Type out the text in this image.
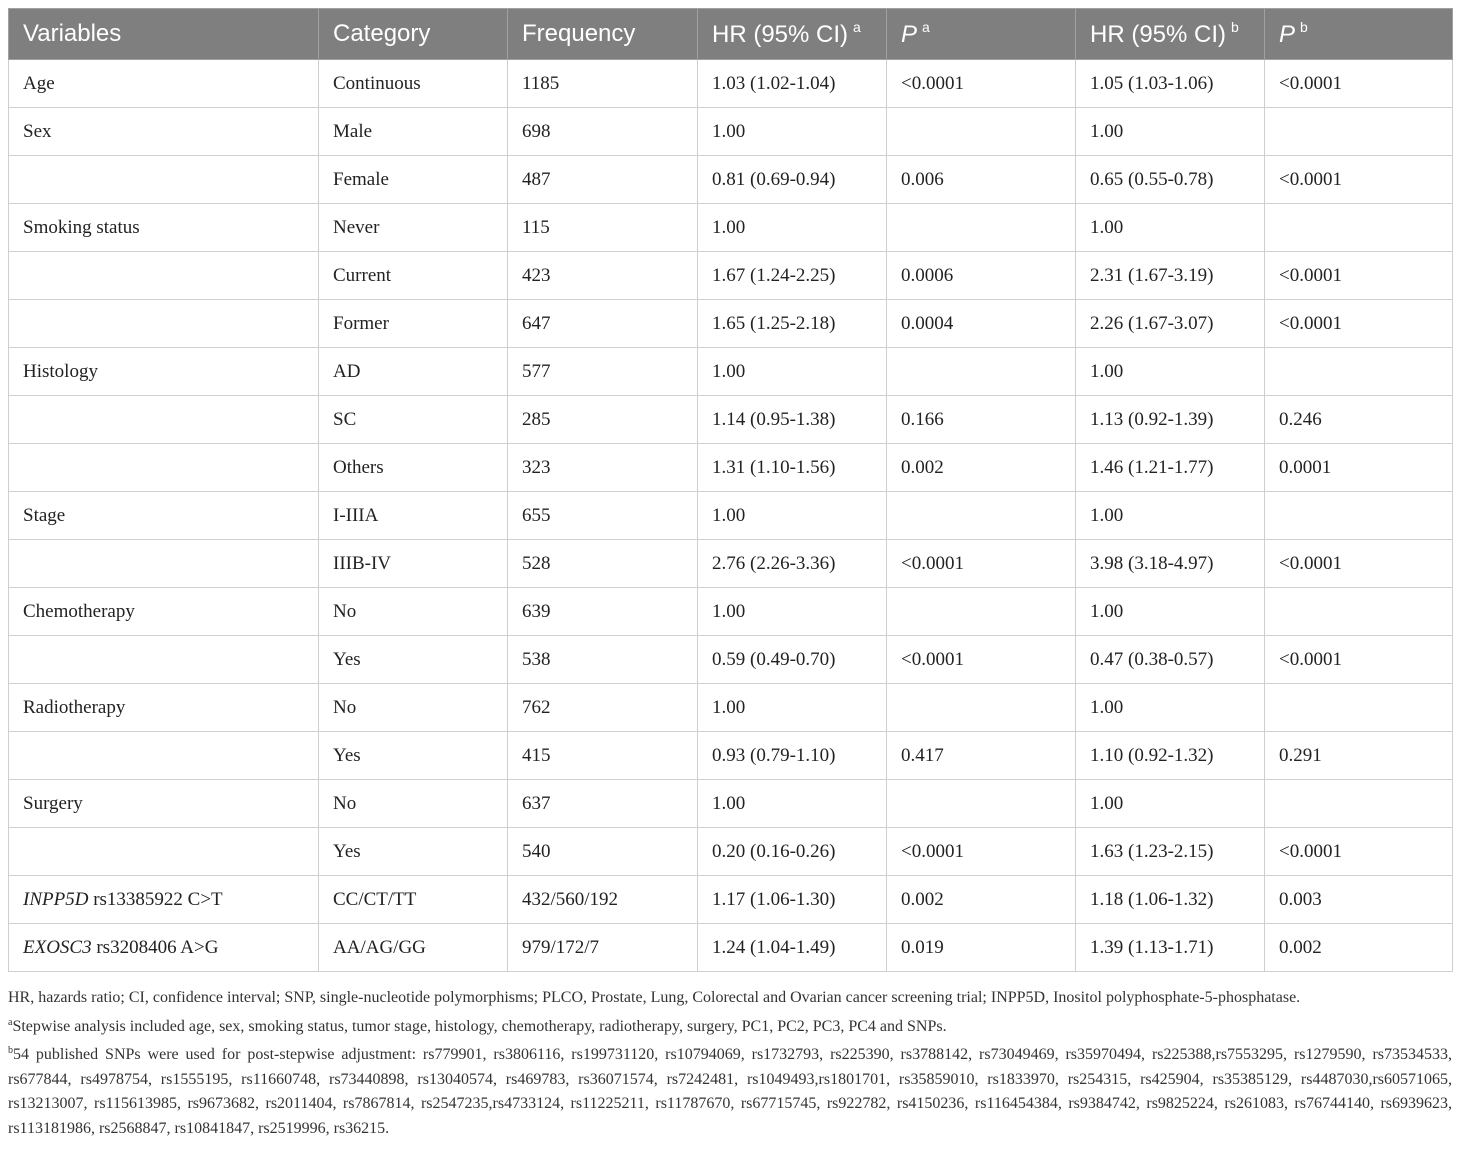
Variables	Category	Frequency	HR (95% CI) $^a$	P $^a$	HR (95% CI) $^b$	P $^b$
Age	Continuous	1185	1.03 (1.02-1.04)	<0.0001	1.05 (1.03-1.06)	<0.0001
Sex	Male	698	1.00		1.00	
	Female	487	0.81 (0.69-0.94)	0.006	0.65 (0.55-0.78)	<0.0001
Smoking status	Never	115	1.00		1.00	
	Current	423	1.67 (1.24-2.25)	0.0006	2.31 (1.67-3.19)	<0.0001
	Former	647	1.65 (1.25-2.18)	0.0004	2.26 (1.67-3.07)	<0.0001
Histology	AD	577	1.00		1.00	
	SC	285	1.14 (0.95-1.38)	0.166	1.13 (0.92-1.39)	0.246
	Others	323	1.31 (1.10-1.56)	0.002	1.46 (1.21-1.77)	0.0001
Stage	I-IIIA	655	1.00		1.00	
	IIIB-IV	528	2.76 (2.26-3.36)	<0.0001	3.98 (3.18-4.97)	<0.0001
Chemotherapy	No	639	1.00		1.00	
	Yes	538	0.59 (0.49-0.70)	<0.0001	0.47 (0.38-0.57)	<0.0001
Radiotherapy	No	762	1.00		1.00	
	Yes	415	0.93 (0.79-1.10)	0.417	1.10 (0.92-1.32)	0.291
Surgery	No	637	1.00		1.00	
	Yes	540	0.20 (0.16-0.26)	<0.0001	1.63 (1.23-2.15)	<0.0001
INPP5D rs13385922 C>T	CC/CT/TT	432/560/192	1.17 (1.06-1.30)	0.002	1.18 (1.06-1.32)	0.003
EXOSC3 rs3208406 A>G	AA/AG/GG	979/172/7	1.24 (1.04-1.49)	0.019	1.39 (1.13-1.71)	0.002

HR, hazards ratio; CI, confidence interval; SNP, single-nucleotide polymorphisms; PLCO, Prostate, Lung, Colorectal and Ovarian cancer screening trial; INPP5D, Inositol polyphosphate-5-phosphatase.

$^a$Stepwise analysis included age, sex, smoking status, tumor stage, histology, chemotherapy, radiotherapy, surgery, PC1, PC2, PC3, PC4 and SNPs.

$^b$54 published SNPs were used for post-stepwise adjustment: rs779901, rs3806116, rs199731120, rs10794069, rs1732793, rs225390, rs3788142, rs73049469, rs35970494, rs225388,rs7553295, rs1279590, rs73534533, rs677844, rs4978754, rs1555195, rs11660748, rs73440898, rs13040574, rs469783, rs36071574, rs7242481, rs1049493,rs1801701, rs35859010, rs1833970, rs254315, rs425904, rs35385129, rs4487030,rs60571065, rs13213007, rs115613985, rs9673682, rs2011404, rs7867814, rs2547235,rs4733124, rs11225211, rs11787670, rs67715745, rs922782, rs4150236, rs116454384, rs9384742, rs9825224, rs261083, rs76744140, rs6939623, rs113181986, rs2568847, rs10841847, rs2519996, rs36215.
